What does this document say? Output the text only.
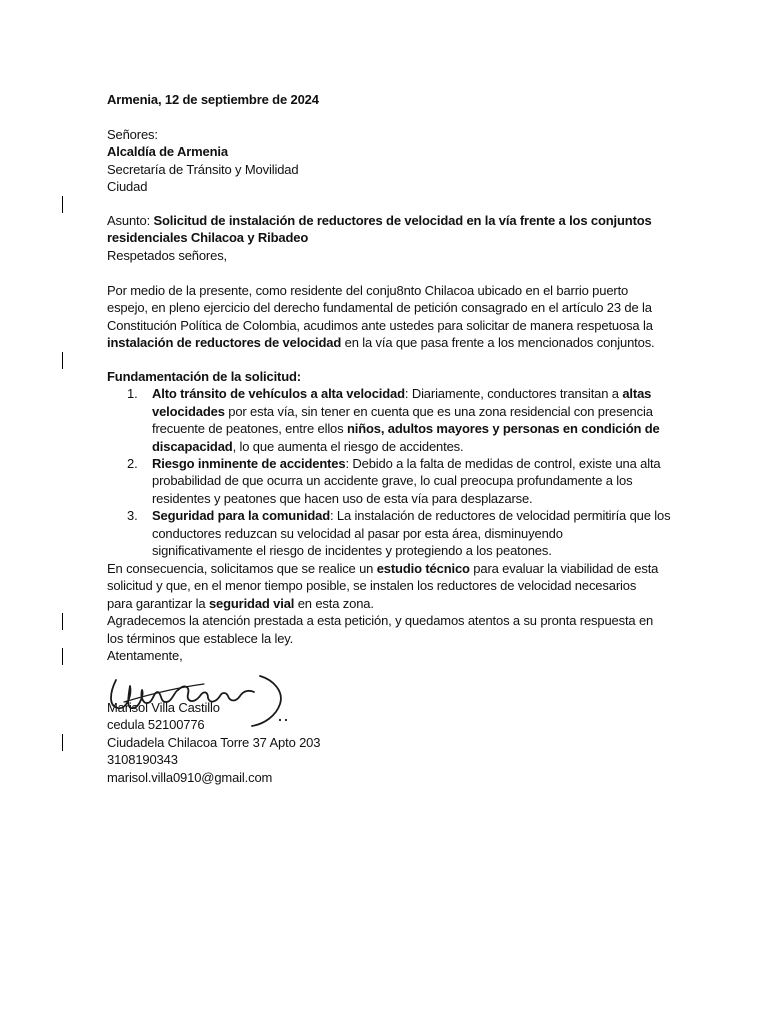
Armenia, 12 de septiembre de 2024
Señores:
Alcaldía de Armenia
Secretaría de Tránsito y Movilidad
Ciudad
Asunto: Solicitud de instalación de reductores de velocidad en la vía frente a los conjuntos
residenciales Chilacoa y Ribadeo
Respetados señores,
Por medio de la presente, como residente del conju8nto Chilacoa ubicado en el barrio puerto
espejo, en pleno ejercicio del derecho fundamental de petición consagrado en el artículo 23 de la
Constitución Política de Colombia, acudimos ante ustedes para solicitar de manera respetuosa la
instalación de reductores de velocidad en la vía que pasa frente a los mencionados conjuntos.
Fundamentación de la solicitud:
1. Alto tránsito de vehículos a alta velocidad: Diariamente, conductores transitan a altas
velocidades por esta vía, sin tener en cuenta que es una zona residencial con presencia
frecuente de peatones, entre ellos niños, adultos mayores y personas en condición de
discapacidad, lo que aumenta el riesgo de accidentes.
2. Riesgo inminente de accidentes: Debido a la falta de medidas de control, existe una alta
probabilidad de que ocurra un accidente grave, lo cual preocupa profundamente a los
residentes y peatones que hacen uso de esta vía para desplazarse.
3. Seguridad para la comunidad: La instalación de reductores de velocidad permitiría que los
conductores reduzcan su velocidad al pasar por esta área, disminuyendo
significativamente el riesgo de incidentes y protegiendo a los peatones.
En consecuencia, solicitamos que se realice un estudio técnico para evaluar la viabilidad de esta
solicitud y que, en el menor tiempo posible, se instalen los reductores de velocidad necesarios
para garantizar la seguridad vial en esta zona.
Agradecemos la atención prestada a esta petición, y quedamos atentos a su pronta respuesta en
los términos que establece la ley.
Atentamente,
Marisol Villa Castillo
cedula 52100776
Ciudadela Chilacoa Torre 37 Apto 203
3108190343
marisol.villa0910@gmail.com
